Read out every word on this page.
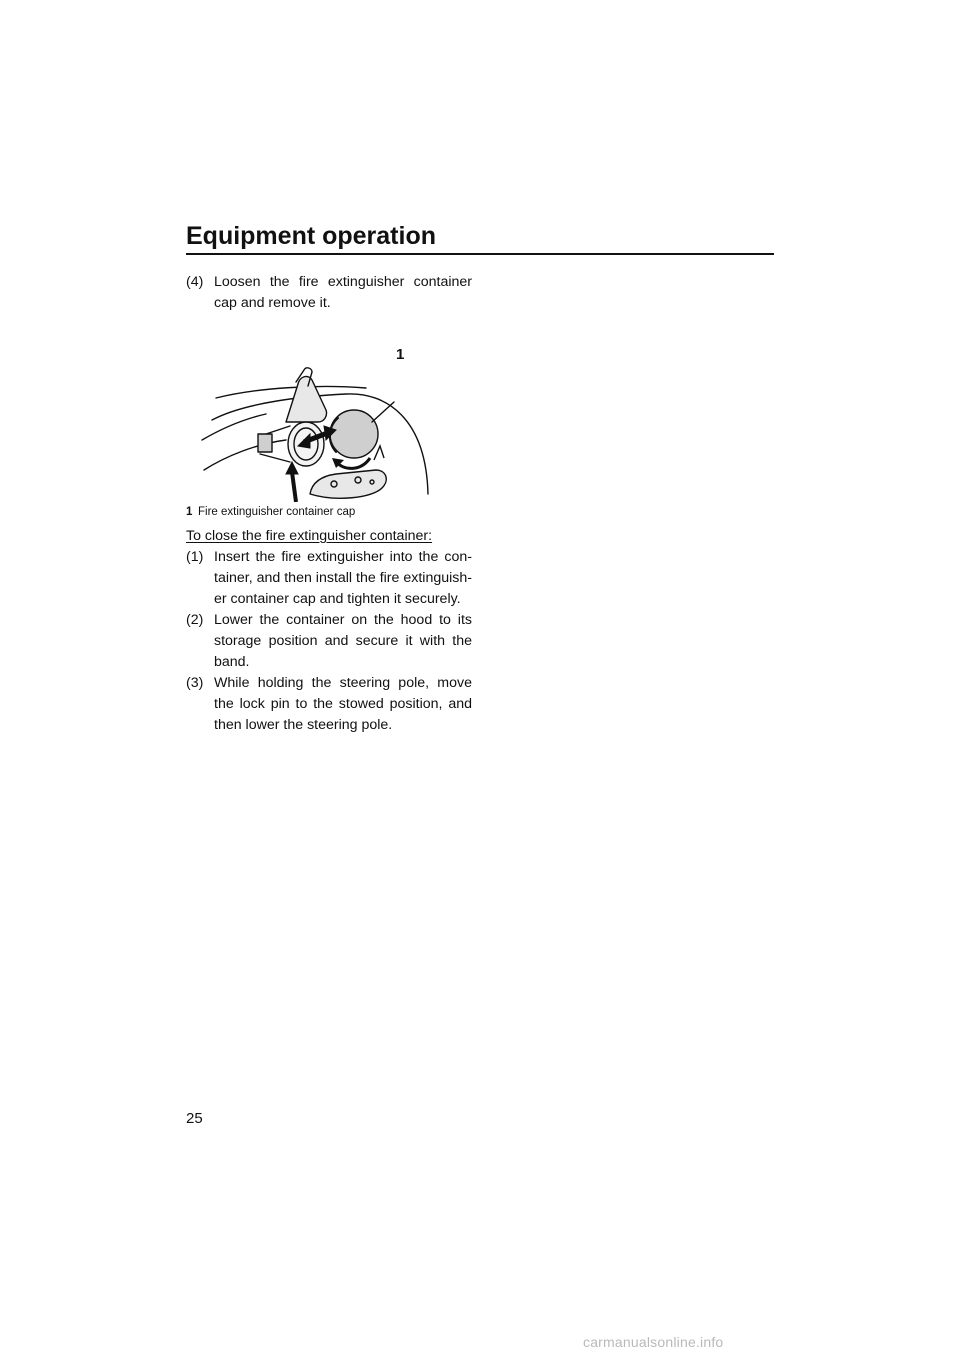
Equipment operation
(4) Loosen the fire extinguisher container cap and remove it.
1
1 Fire extinguisher container cap
To close the fire extinguisher container:
(1) Insert the fire extinguisher into the con-tainer, and then install the fire extinguish-er container cap and tighten it securely.
(2) Lower the container on the hood to its storage position and secure it with the band.
(3) While holding the steering pole, move the lock pin to the stowed position, and then lower the steering pole.
25
carmanualsonline.info
